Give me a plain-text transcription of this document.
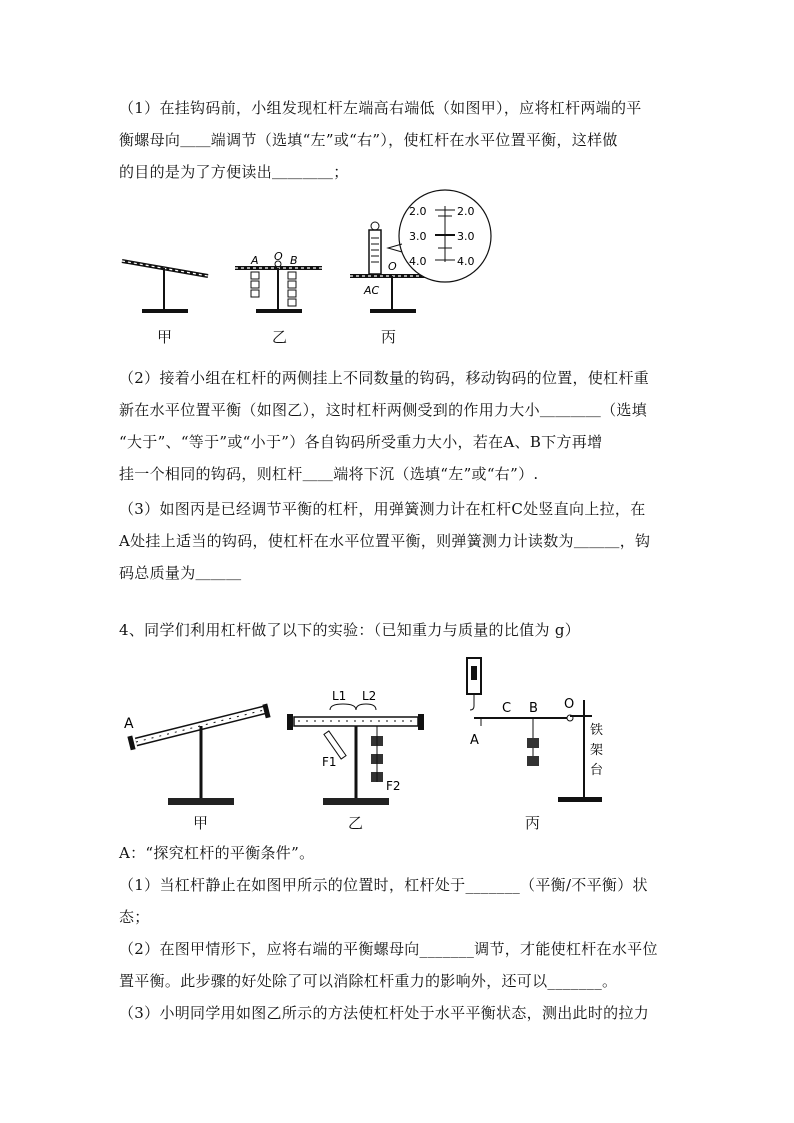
（1）在挂钩码前，小组发现杠杆左端高右端低（如图甲），应将杠杆两端的平
衡螺母向＿＿端调节（选填“左”或“右”），使杠杆在水平位置平衡，这样做
的目的是为了方便读出＿＿＿＿；
A O B
2.0	2.0
3.0	3.0
4.0	4.0
O
AC
甲	乙	丙
（2）接着小组在杠杆的两侧挂上不同数量的钩码，移动钩码的位置，使杠杆重
新在水平位置平衡（如图乙），这时杠杆两侧受到的作用力大小＿＿＿＿（选填
“大于”、“等于”或“小于”）各自钩码所受重力大小，若在A、B下方再增
挂一个相同的钩码，则杠杆＿＿端将下沉（选填“左”或“右”）.
（3）如图丙是已经调节平衡的杠杆，用弹簧测力计在杠杆C处竖直向上拉，在
A处挂上适当的钩码，使杠杆在水平位置平衡，则弹簧测力计读数为＿＿＿，钩
码总质量为＿＿＿
4、同学们利用杠杆做了以下的实验：（已知重力与质量的比值为 g）
A
L1 L2
F1
F2
A
C B O
铁
架
台
甲	乙	丙
A：“探究杠杆的平衡条件”。
（1）当杠杆静止在如图甲所示的位置时，杠杆处于_______（平衡/不平衡）状
态；
（2）在图甲情形下，应将右端的平衡螺母向_______调节，才能使杠杆在水平位
置平衡。此步骤的好处除了可以消除杠杆重力的影响外，还可以_______。
（3）小明同学用如图乙所示的方法使杠杆处于水平平衡状态，测出此时的拉力
